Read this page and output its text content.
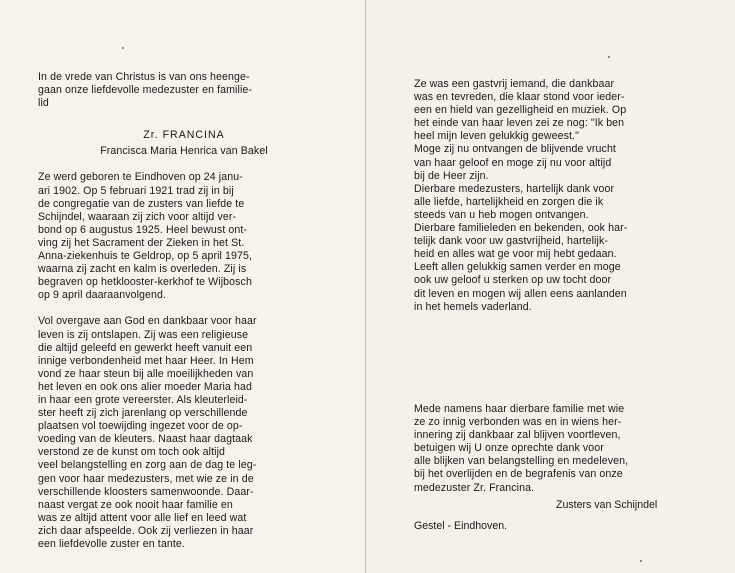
In de vrede van Christus is van ons heenge-
gaan onze liefdevolle medezuster en familie-
lid

Zr. FRANCINA

Francisca Maria Henrica van Bakel

Ze werd geboren te Eindhoven op 24 janu-
ari 1902. Op 5 februari 1921 trad zij in bij
de congregatie van de zusters van liefde te
Schijndel, waaraan zij zich voor altijd ver-
bond op 6 augustus 1925. Heel bewust ont-
ving zij het Sacrament der Zieken in het St.
Anna-ziekenhuis te Geldrop, op 5 april 1975,
waarna zij zacht en kalm is overleden. Zij is
begraven op hetklooster-kerkhof te Wijbosch
op 9 april daaraanvolgend.

Vol overgave aan God en dankbaar voor haar
leven is zij ontslapen. Zij was een religieuse
die altijd geleefd en gewerkt heeft vanuit een
innige verbondenheid met haar Heer. In Hem
vond ze haar steun bij alle moeilijkheden van
het leven en ook ons alier moeder Maria had
in haar een grote vereerster. Als kleuterleid-
ster heeft zij zich jarenlang op verschillende
plaatsen vol toewijding ingezet voor de op-
voeding van de kleuters. Naast haar dagtaak
verstond ze de kunst om toch ook altijd
veel belangstelling en zorg aan de dag te leg-
gen voor haar medezusters, met wie ze in de
verschillende kloosters samenwoonde. Daar-
naast vergat ze ook nooit haar familie en
was ze altijd attent voor alle lief en leed wat
zich daar afspeelde. Ook zij verliezen in haar
een liefdevolle zuster en tante.

Ze was een gastvrij iemand, die dankbaar
was en tevreden, die klaar stond voor ieder-
een en hield van gezelligheid en muziek. Op
het einde van haar leven zei ze nog: "Ik ben
heel mijn leven gelukkig geweest."
Moge zij nu ontvangen de blijvende vrucht
van haar geloof en moge zij nu voor altijd
bij de Heer zijn.
Dierbare medezusters, hartelijk dank voor
alle liefde, hartelijkheid en zorgen die ik
steeds van u heb mogen ontvangen.
Dierbare familieleden en bekenden, ook har-
telijk dank voor uw gastvrijheid, hartelijk-
heid en alles wat ge voor mij hebt gedaan.
Leeft allen gelukkig samen verder en moge
ook uw geloof u sterken op uw tocht door
dit leven en mogen wij allen eens aanlanden
in het hemels vaderland.

Mede namens haar dierbare familie met wie
ze zo innig verbonden was en in wiens her-
innering zij dankbaar zal blijven voortleven,
betuigen wij U onze oprechte dank voor
alle blijken van belangstelling en medeleven,
bij het overlijden en de begrafenis van onze
medezuster Zr. Francina.

Zusters van Schijndel
Gestel - Eindhoven.
